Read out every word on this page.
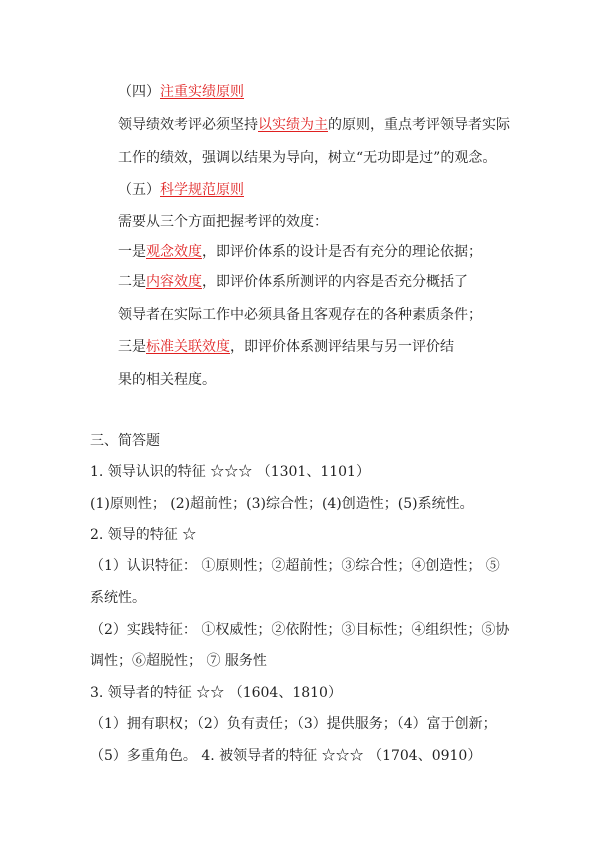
（四）注重实绩原则
领导绩效考评必须坚持以实绩为主的原则，重点考评领导者实际
工作的绩效，强调以结果为导向，树立“无功即是过”的观念。
（五）科学规范原则
需要从三个方面把握考评的效度：
一是观念效度，即评价体系的设计是否有充分的理论依据；
二是内容效度，即评价体系所测评的内容是否充分概括了
领导者在实际工作中必须具备且客观存在的各种素质条件；
三是标准关联效度，即评价体系测评结果与另一评价结
果的相关程度。
三、简答题
1. 领导认识的特征 ☆☆☆ （1301、1101）
(1)原则性； (2)超前性；(3)综合性；(4)创造性；(5)系统性。
2. 领导的特征 ☆
（1）认识特征： ①原则性；②超前性；③综合性；④创造性； ⑤
系统性。
（2）实践特征： ①权威性；②依附性；③目标性；④组织性；⑤协
调性；⑥超脱性； ⑦ 服务性
3. 领导者的特征 ☆☆ （1604、1810）
（1）拥有职权；（2）负有责任；（3）提供服务；（4）富于创新；
（5）多重角色。 4. 被领导者的特征 ☆☆☆ （1704、0910）
